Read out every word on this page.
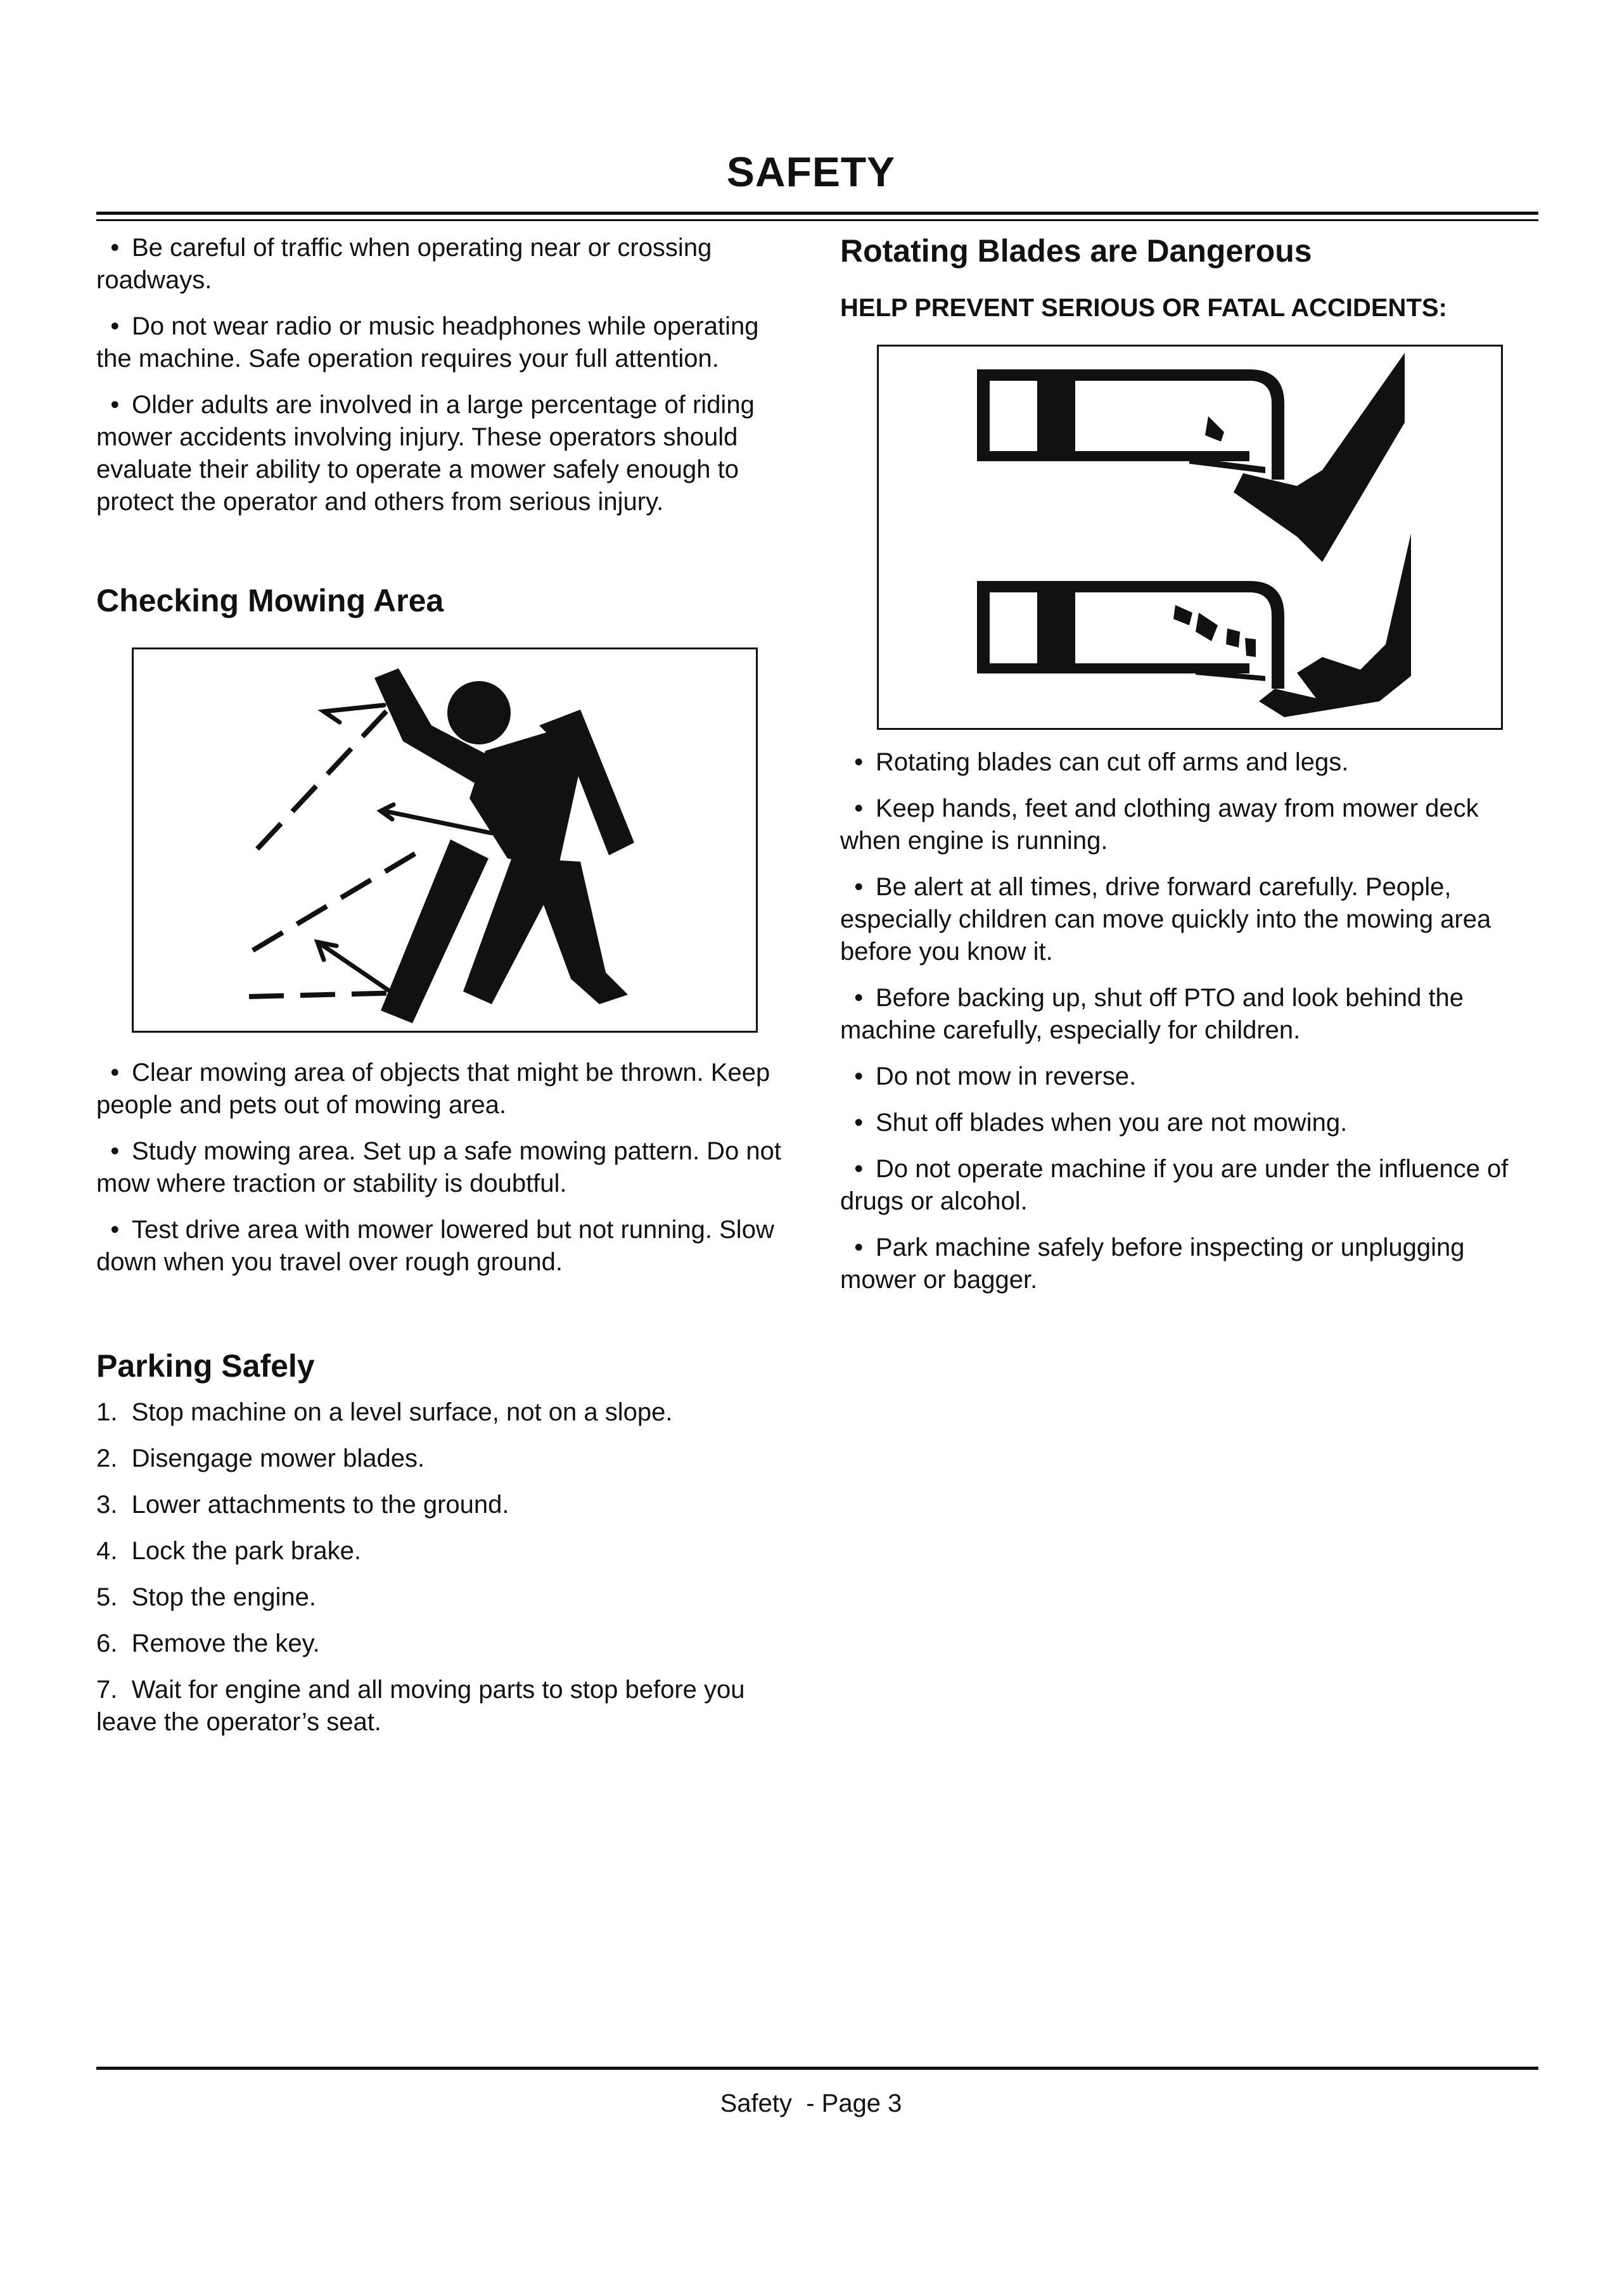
SAFETY

• Be careful of traffic when operating near or crossing roadways.

• Do not wear radio or music headphones while operating the machine. Safe operation requires your full attention.

• Older adults are involved in a large percentage of riding mower accidents involving injury. These operators should evaluate their ability to operate a mower safely enough to protect the operator and others from serious injury.

Checking Mowing Area

• Clear mowing area of objects that might be thrown. Keep people and pets out of mowing area.

• Study mowing area. Set up a safe mowing pattern. Do not mow where traction or stability is doubtful.

• Test drive area with mower lowered but not running. Slow down when you travel over rough ground.

Parking Safely

1.  Stop machine on a level surface, not on a slope.

2.  Disengage mower blades.

3.  Lower attachments to the ground.

4.  Lock the park brake.

5.  Stop the engine.

6.  Remove the key.

7.  Wait for engine and all moving parts to stop before you leave the operator’s seat.

Rotating Blades are Dangerous
HELP PREVENT SERIOUS OR FATAL ACCIDENTS:

• Rotating blades can cut off arms and legs.

• Keep hands, feet and clothing away from mower deck when engine is running.

• Be alert at all times, drive forward carefully. People, especially children can move quickly into the mowing area before you know it.

• Before backing up, shut off PTO and look behind the machine carefully, especially for children.

• Do not mow in reverse.

• Shut off blades when you are not mowing.

• Do not operate machine if you are under the influence of drugs or alcohol.

• Park machine safely before inspecting or unplugging mower or bagger.

Safety  - Page 3
